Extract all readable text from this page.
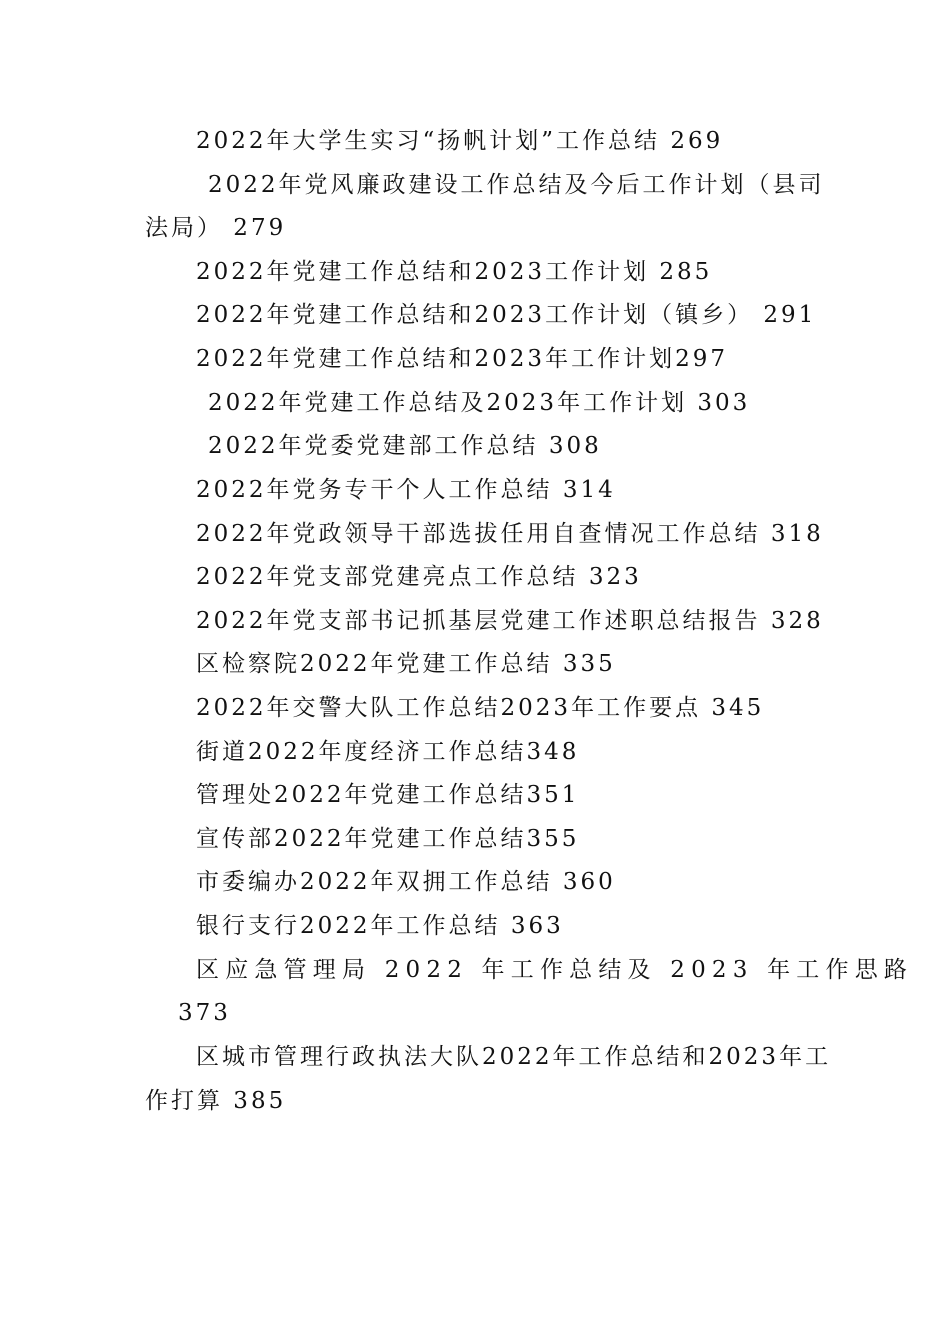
2022年大学生实习“扬帆计划”工作总结 269
2022年党风廉政建设工作总结及今后工作计划（县司
法局） 279
2022年党建工作总结和2023工作计划 285
2022年党建工作总结和2023工作计划（镇乡） 291
2022年党建工作总结和2023年工作计划297
2022年党建工作总结及2023年工作计划 303
2022年党委党建部工作总结 308
2022年党务专干个人工作总结 314
2022年党政领导干部选拔任用自查情况工作总结 318
2022年党支部党建亮点工作总结 323
2022年党支部书记抓基层党建工作述职总结报告 328
区检察院2022年党建工作总结 335
2022年交警大队工作总结2023年工作要点 345
街道2022年度经济工作总结348
管理处2022年党建工作总结351
宣传部2022年党建工作总结355
市委编办2022年双拥工作总结 360
银行支行2022年工作总结 363
区应急管理局 2022 年工作总结及 2023 年工作思路
373
区城市管理行政执法大队2022年工作总结和2023年工
作打算 385
